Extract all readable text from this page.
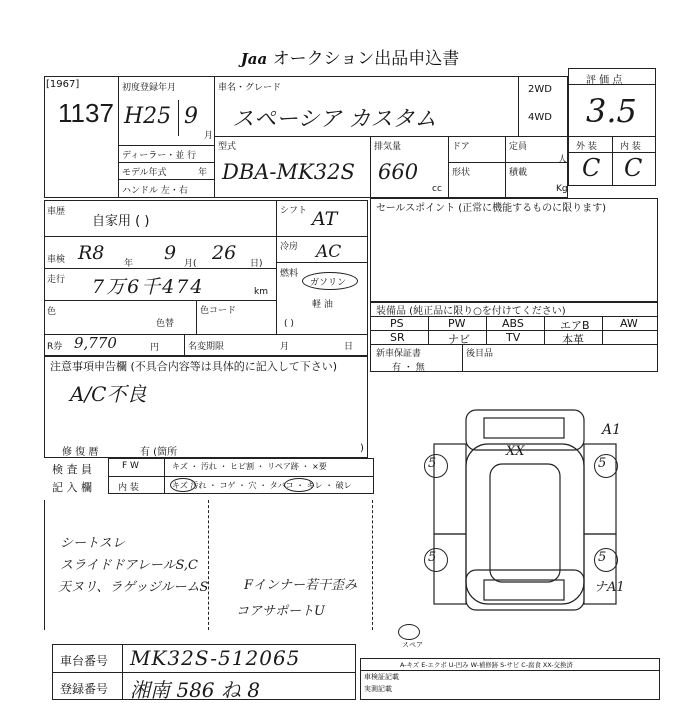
Jaa オークション出品申込書
[1967]
1137
初度登録年月
H25 9
月
ディーラー・並 行
モデル年式	年
ハンドル 左・右
車名・グレード
スペーシア カスタム
2WD
4WD
型式
DBA-MK32S
排気量
660
cc
ドア	定員
人
形状	積載
Kg
評 価 点
3.5
外 装	内 装
C C
車歴
自家用 ( )
シフト AT
車検 R8 年 9 月( 26 日)
冷房 AC
走行 7万6千474	km
燃料
ガソリン
軽 油
( )
色
色替
色コード
R券 9,770	円	名変期限	月	日
注意事項申告欄 (不具合内容等は具体的に記入して下さい)
A/C不良
修 復 暦	有 (箇所	)
セールスポイント (正常に機能するものに限ります)
装備品 (純正品に限り○を付けてください)
PS	PW	ABS	エアB	AW
SR	ナビ	TV	本革
新車保証書
有 ・ 無
後目品
検 査 員
記 入 欄
F W
内 装
キズ ・ 汚れ ・ ヒビ割 ・ リペア跡 ・ ×要
キズ 汚れ ・ コゲ ・ 穴 ・ タバコ ・ キレ ・ 破レ
シートスレ
スライドドアレールS,C
天ヌリ、ラゲッジルームS	Fインナー若干歪み
コアサポートU
A1
5	5
5	5
XX
ナA1
スペア
車台番号 MK32S-512065
登録番号 湘南 586 ね 8
A-キズ E-エクボ U-凹み W-補修跡 S-サビ C-腐食 XX-交換済
車検証記載
実測記載
